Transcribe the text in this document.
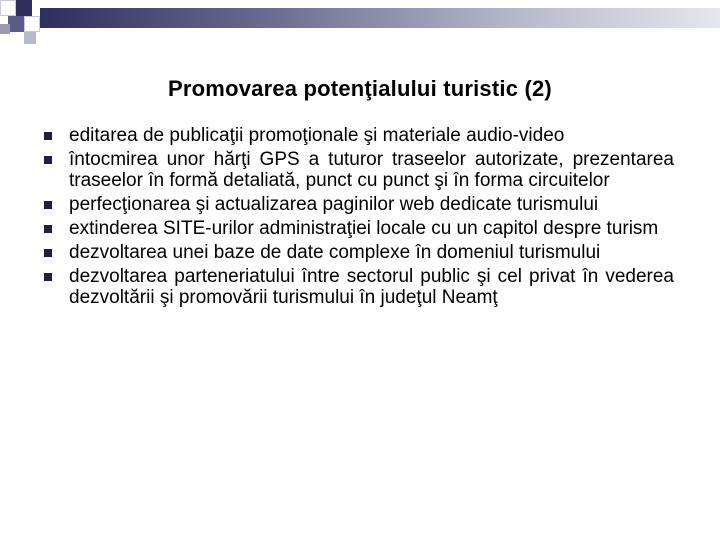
Promovarea potenţialului turistic (2)
editarea de publicaţii promoţionale şi materiale audio-video
întocmirea unor hărţi GPS a tuturor traseelor autorizate, prezentarea traseelor în formă detaliată, punct cu punct şi în forma circuitelor
perfecţionarea şi actualizarea paginilor web dedicate turismului
extinderea SITE-urilor administraţiei locale cu un capitol despre turism
dezvoltarea unei baze de date complexe în domeniul turismului
dezvoltarea parteneriatului între sectorul public şi cel privat în vederea dezvoltării şi promovării turismului în judeţul Neamţ
